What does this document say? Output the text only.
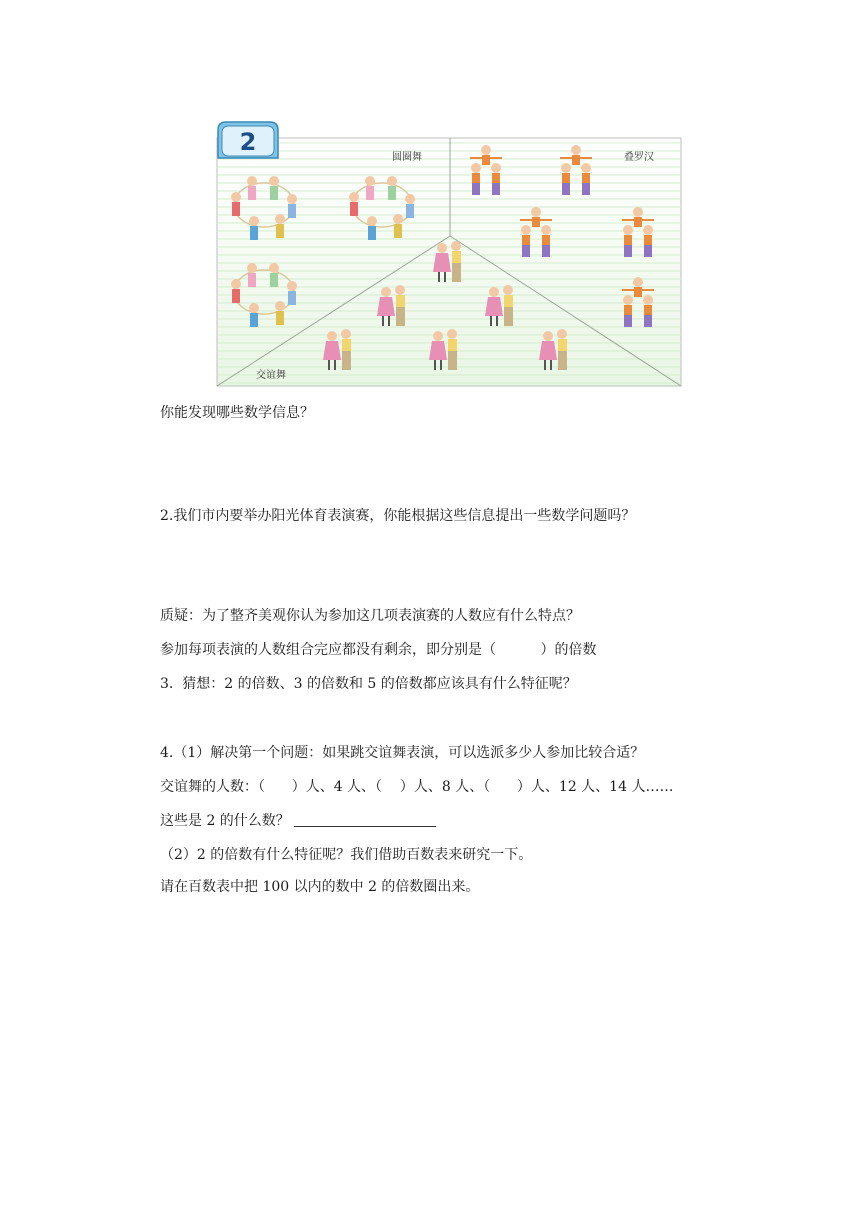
2
圆圈舞	叠罗汉
交谊舞
你能发现哪些数学信息？
2.我们市内要举办阳光体育表演赛，你能根据这些信息提出一些数学问题吗？
质疑：为了整齐美观你认为参加这几项表演赛的人数应有什么特点？
参加每项表演的人数组合完应都没有剩余，即分别是（          ）的倍数
3.  猜想：2 的倍数、3 的倍数和 5 的倍数都应该具有什么特征呢？
4.（1）解决第一个问题：如果跳交谊舞表演，可以选派多少人参加比较合适？
交谊舞的人数：（      ）人、4 人、（    ）人、8 人、（      ）人、12 人、14 人……
这些是 2 的什么数？
（2）2 的倍数有什么特征呢？我们借助百数表来研究一下。
请在百数表中把 100 以内的数中 2 的倍数圈出来。
